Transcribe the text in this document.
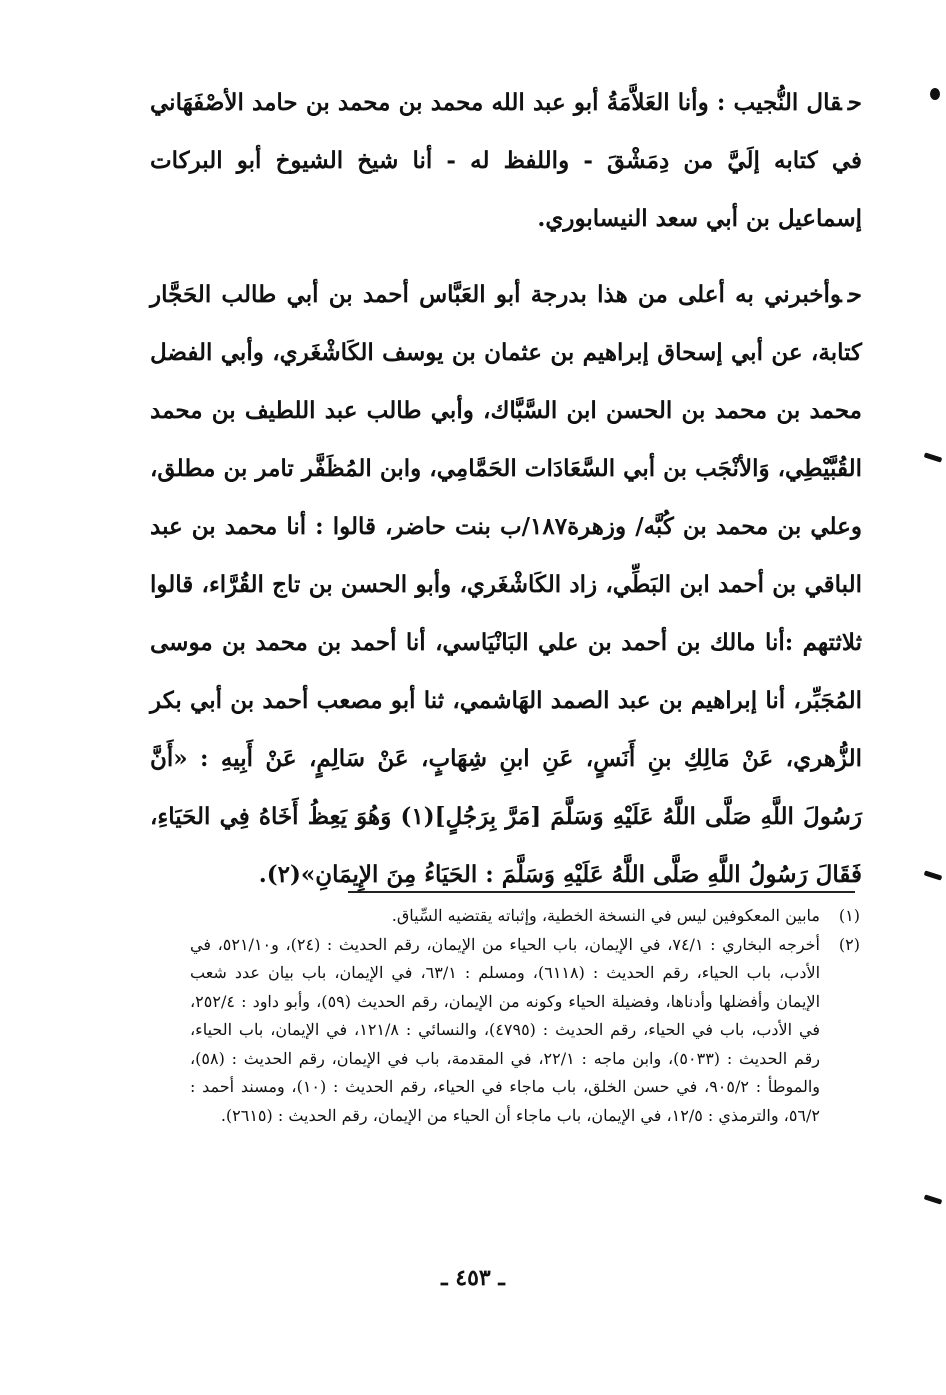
حقال النُّجيب : وأنا العَلاَّمَةُ أبو عبد الله محمد بن محمد بن حامد الأصْفَهَاني في كتابه إلَيَّ من دِمَشْقَ - واللفظ له - أنا شيخ الشيوخ أبو البركات إسماعيل بن أبي سعد النيسابوري.

حوأخبرني به أعلى من هذا بدرجة أبو العَبَّاس أحمد بن أبي طالب الحَجَّار كتابة، عن أبي إسحاق إبراهيم بن عثمان بن يوسف الكَاشْغَري، وأبي الفضل محمد بن محمد بن الحسن ابن السَّبَّاك، وأبي طالب عبد اللطيف بن محمد القُبَّيْطِي، وَالأنْجَب بن أبي السَّعَادَات الحَمَّامِي، وابن المُظَفَّر تامر بن مطلق، وعلي بن محمد بن كُبَّه/ وزهرة١٨٧/ب بنت حاضر، قالوا : أنا محمد بن عبد الباقي بن أحمد ابن البَطِّي، زاد الكَاشْغَري، وأبو الحسن بن تاج القُرَّاء، قالوا ثلاثتهم :أنا مالك بن أحمد بن علي البَانْيَاسي، أنا أحمد بن محمد بن موسى المُجَبِّر، أنا إبراهيم بن عبد الصمد الهَاشمي، ثنا أبو مصعب أحمد بن أبي بكر الزُّهري، عَنْ مَالِكِ بنِ أَنَسٍ، عَنِ ابنِ شِهَابٍ، عَنْ سَالِمٍ، عَنْ أَبِيهِ : «أَنَّ رَسُولَ اللَّهِ صَلَّى اللَّهُ عَلَيْهِ وَسَلَّمَ [مَرَّ بِرَجُلٍ](١) وَهُوَ يَعِظُ أَخَاهُ فِي الحَيَاءِ، فَقَالَ رَسُولُ اللَّهِ صَلَّى اللَّهُ عَلَيْهِ وَسَلَّمَ : الحَيَاءُ مِنَ الإِيمَانِ»(٢).

(١)
مابين المعكوفين ليس في النسخة الخطية، وإثباته يقتضيه السِّياق.
(٢)
أخرجه البخاري : ٧٤/١، في الإيمان، باب الحياء من الإيمان، رقم الحديث : (٢٤)، و٥٢١/١٠، في الأدب، باب الحياء، رقم الحديث : (٦١١٨)، ومسلم : ٦٣/١، في الإيمان، باب بيان عدد شعب الإيمان وأفضلها وأدناها، وفضيلة الحياء وكونه من الإيمان، رقم الحديث (٥٩)، وأبو داود : ٢٥٢/٤، في الأدب، باب في الحياء، رقم الحديث : (٤٧٩٥)، والنسائي : ١٢١/٨، في الإيمان، باب الحياء، رقم الحديث : (٥٠٣٣)، وابن ماجه : ٢٢/١، في المقدمة، باب في الإيمان، رقم الحديث : (٥٨)، والموطأ : ٩٠٥/٢، في حسن الخلق، باب ماجاء في الحياء، رقم الحديث : (١٠)، ومسند أحمد : ٥٦/٢، والترمذي : ١٢/٥، في الإيمان، باب ماجاء أن الحياء من الإيمان، رقم الحديث : (٢٦١٥).
ـ ٤٥٣ ـ
